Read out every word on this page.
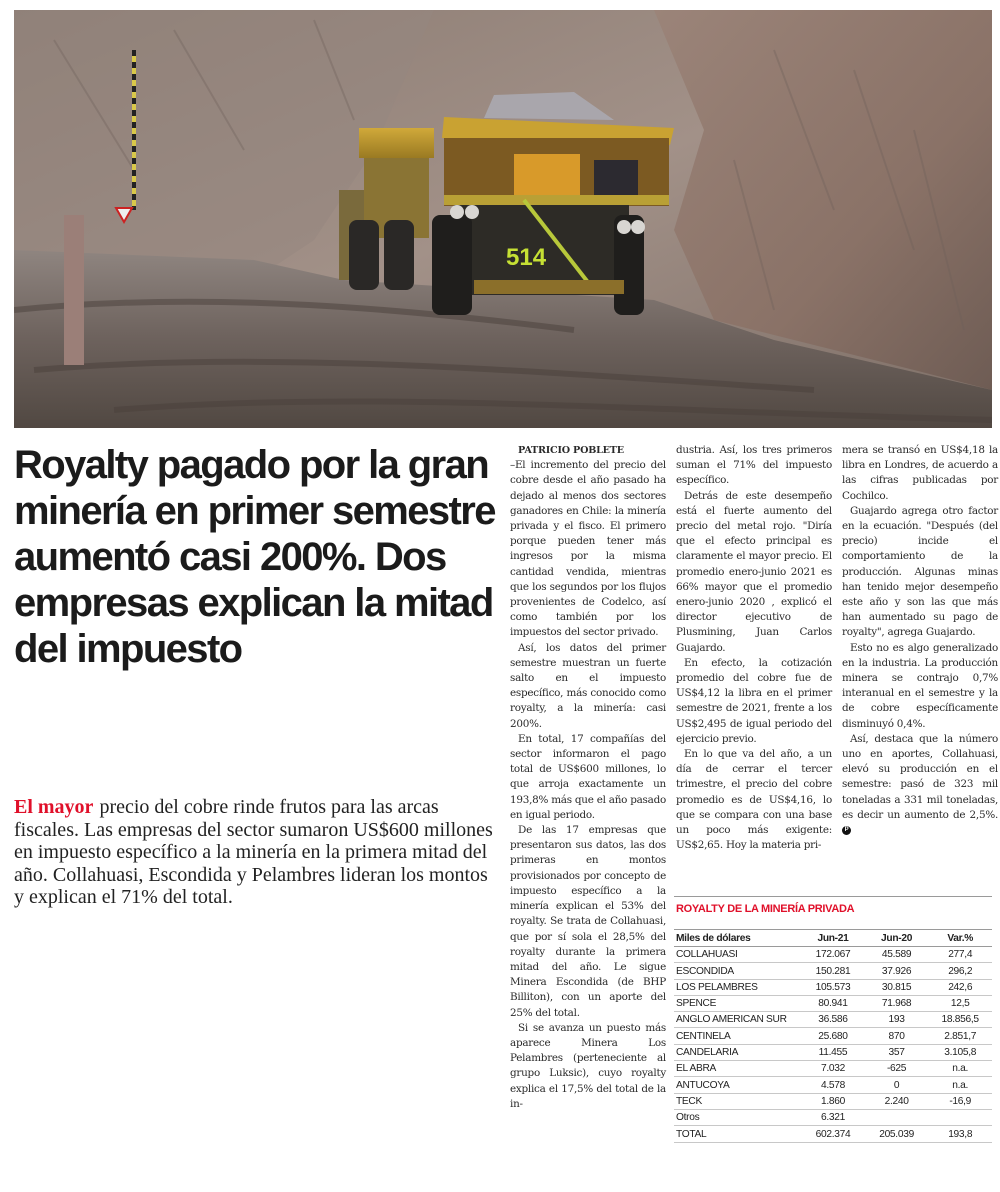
514
Royalty pagado por la gran minería en primer semestre aumentó casi 200%. Dos empresas explican la mitad del impuesto

El mayor precio del cobre rinde frutos para las arcas fiscales. Las empresas del sector sumaron US$600 millones en impuesto específico a la minería en la primera mitad del año. Collahuasi, Escondida y Pelambres lideran los montos y explican el 71% del total.

PATRICIO POBLETE

–El incremento del precio del cobre desde el año pasado ha dejado al menos dos sectores ganadores en Chile: la minería privada y el fisco. El primero porque pueden tener más ingresos por la misma cantidad vendida, mientras que los segundos por los flujos provenientes de Codelco, así como también por los impuestos del sector privado.

Así, los datos del primer semestre muestran un fuerte salto en el impuesto específico, más conocido como royalty, a la minería: casi 200%.

En total, 17 compañías del sector informaron el pago total de US$600 millones, lo que arroja exactamente un 193,8% más que el año pasado en igual periodo.

De las 17 empresas que presentaron sus datos, las dos primeras en montos provisionados por concepto de impuesto específico a la minería explican el 53% del royalty. Se trata de Collahuasi, que por sí sola el 28,5% del royalty durante la primera mitad del año. Le sigue Minera Escondida (de BHP Billiton), con un aporte del 25% del total.

Si se avanza un puesto más aparece Minera Los Pelambres (perteneciente al grupo Luksic), cuyo royalty explica el 17,5% del total de la in-

dustria. Así, los tres primeros suman el 71% del impuesto específico.

Detrás de este desempeño está el fuerte aumento del precio del metal rojo. "Diría que el efecto principal es claramente el mayor precio. El promedio enero-junio 2021 es 66% mayor que el promedio enero-junio 2020 , explicó el director ejecutivo de Plusmining, Juan Carlos Guajardo.

En efecto, la cotización promedio del cobre fue de US$4,12 la libra en el primer semestre de 2021, frente a los US$2,495 de igual periodo del ejercicio previo.

En lo que va del año, a un día de cerrar el tercer trimestre, el precio del cobre promedio es de US$4,16, lo que se compara con una base un poco más exigente: US$2,65. Hoy la materia pri-

mera se transó en US$4,18 la libra en Londres, de acuerdo a las cifras publicadas por Cochilco.

Guajardo agrega otro factor en la ecuación. "Después (del precio) incide el comportamiento de la producción. Algunas minas han tenido mejor desempeño este año y son las que más han aumentado su pago de royalty", agrega Guajardo.

Esto no es algo generalizado en la industria. La producción minera se contrajo 0,7% interanual en el semestre y la de cobre específicamente disminuyó 0,4%.

Así, destaca que la número uno en aportes, Collahuasi, elevó su producción en el semestre: pasó de 323 mil toneladas a 331 mil toneladas, es decir un aumento de 2,5%. P

ROYALTY DE LA MINERÍA PRIVADA
Miles de dólares	Jun-21	Jun-20	Var.%
COLLAHUASI	172.067	45.589	277,4
ESCONDIDA	150.281	37.926	296,2
LOS PELAMBRES	105.573	30.815	242,6
SPENCE	80.941	71.968	12,5
ANGLO AMERICAN SUR	36.586	193	18.856,5
CENTINELA	25.680	870	2.851,7
CANDELARIA	11.455	357	3.105,8
EL ABRA	7.032	-625	n.a.
ANTUCOYA	4.578	0	n.a.
TECK	1.860	2.240	-16,9
Otros	6.321		
TOTAL	602.374	205.039	193,8
